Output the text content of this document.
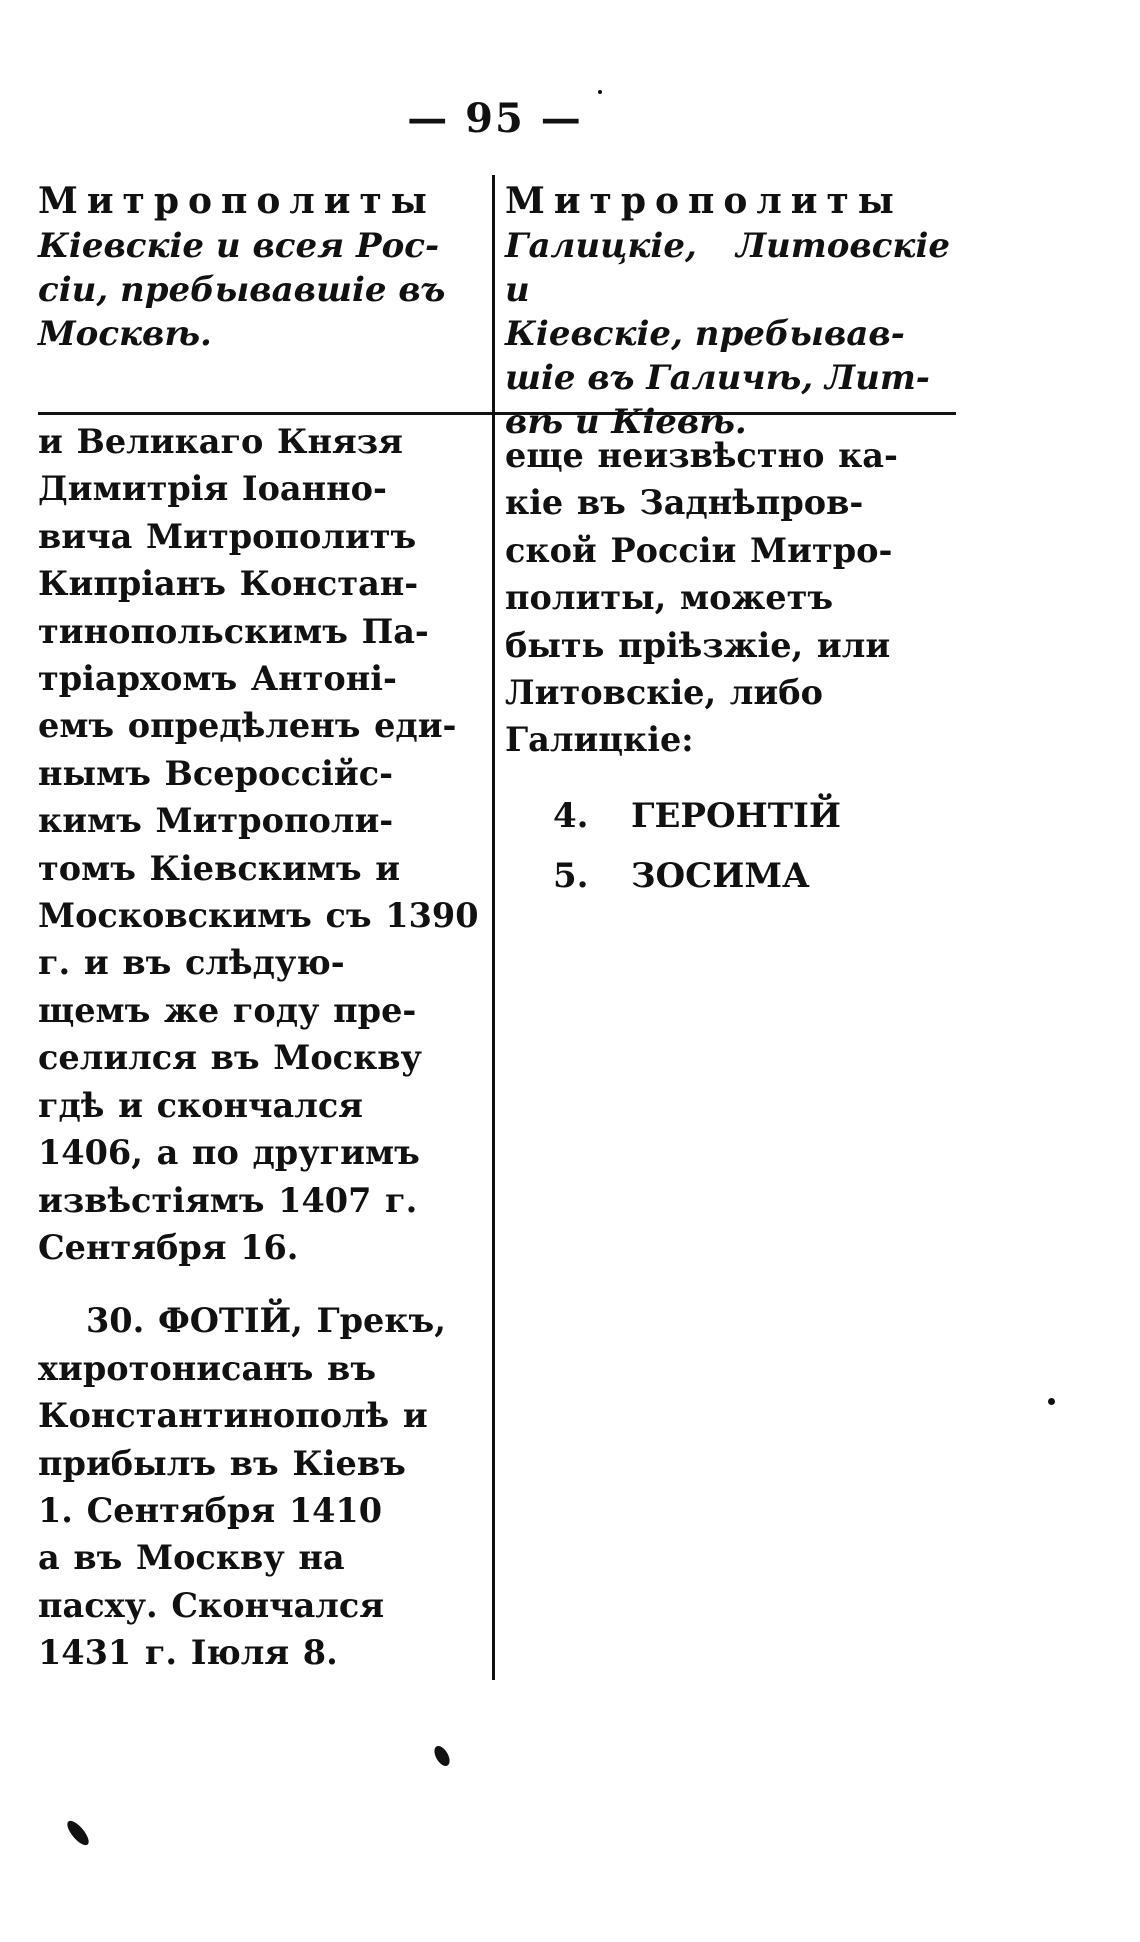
— 95 —

Митрополиты

Кіевскіе и всея Рос-

сіи, пребывавшіе въ

Москвѣ.

Митрополиты

Галицкіе, Литовскіе и

Кіевскіе, пребывав-

шіе въ Галичѣ, Лит-

вѣ и Кіевѣ.

и Великаго Князя

Димитрія Іоанно-

вича Митрополитъ

Кипріанъ Констан-

тинопольскимъ Па-

тріархомъ Антоні-

емъ опредѣленъ еди-

нымъ Всероссійс-

кимъ Митрополи-

томъ Кіевскимъ и

Московскимъ съ 1390

г. и въ слѣдую-

щемъ же году пре-

селился въ Москву

гдѣ и скончался

1406, а по другимъ

извѣстіямъ 1407 г.

Сентября 16.

30. ФОТІЙ, Грекъ,

хиротонисанъ въ

Константинополѣ и

прибылъ въ Кіевъ

1. Сентября 1410

а въ Москву на

пасху. Скончался

1431 г. Іюля 8.

еще неизвѣстно ка-

кіе въ Заднѣпров-

ской Россіи Митро-

политы, можетъ

быть пріѣзжіе, или

Литовскіе, либо

Галицкіе:

4. ГЕРОНТІЙ

5. ЗОСИМА
